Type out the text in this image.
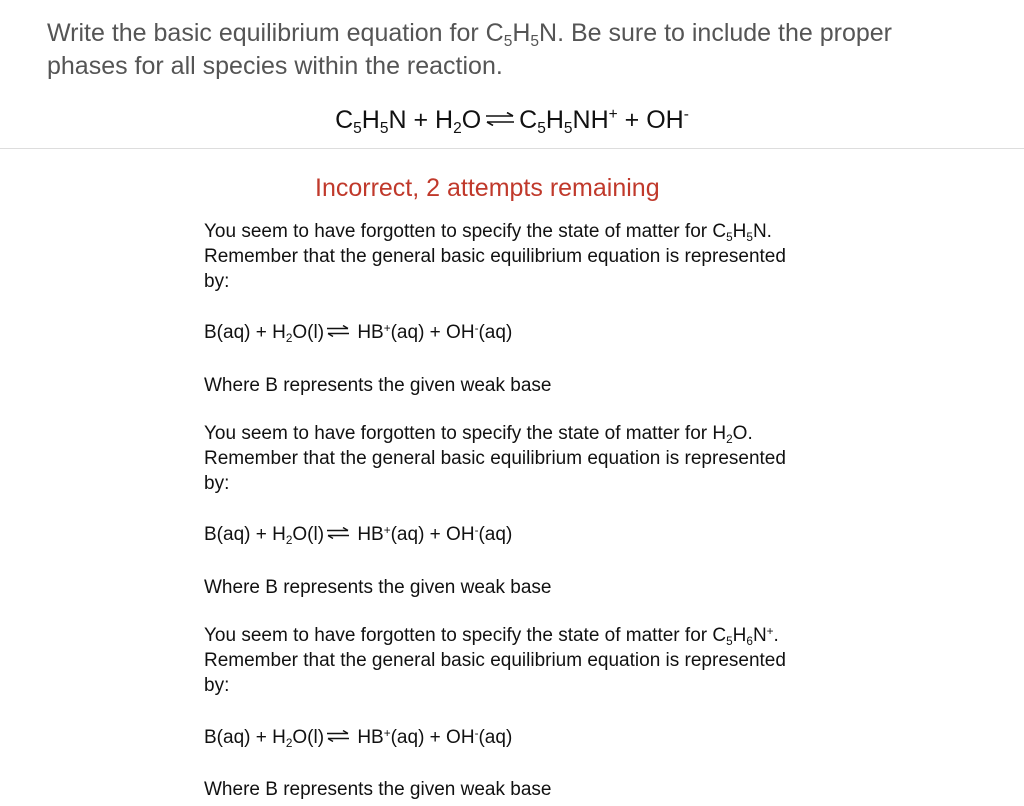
Write the basic equilibrium equation for $C_5H_5N$. Be sure to include the proper phases for all species within the reaction.
$C_5H_5N + H_2O$ ⇌ $C_5H_5NH^+ + OH^-$
Incorrect, 2 attempts remaining

You seem to have forgotten to specify the state of matter for $C_5H_5N$. Remember that the general basic equilibrium equation is represented by:

$B(aq) + H_2O(l)$ ⇌ HB+(aq) + OH-(aq)
Where B represents the given weak base

You seem to have forgotten to specify the state of matter for $H_2O$. Remember that the general basic equilibrium equation is represented by:

$B(aq) + H_2O(l)$ ⇌ HB+(aq) + OH-(aq)
Where B represents the given weak base

You seem to have forgotten to specify the state of matter for $C_5H_6N^+$. Remember that the general basic equilibrium equation is represented by:

$B(aq) + H_2O(l)$ ⇌ HB+(aq) + OH-(aq)
Where B represents the given weak base
